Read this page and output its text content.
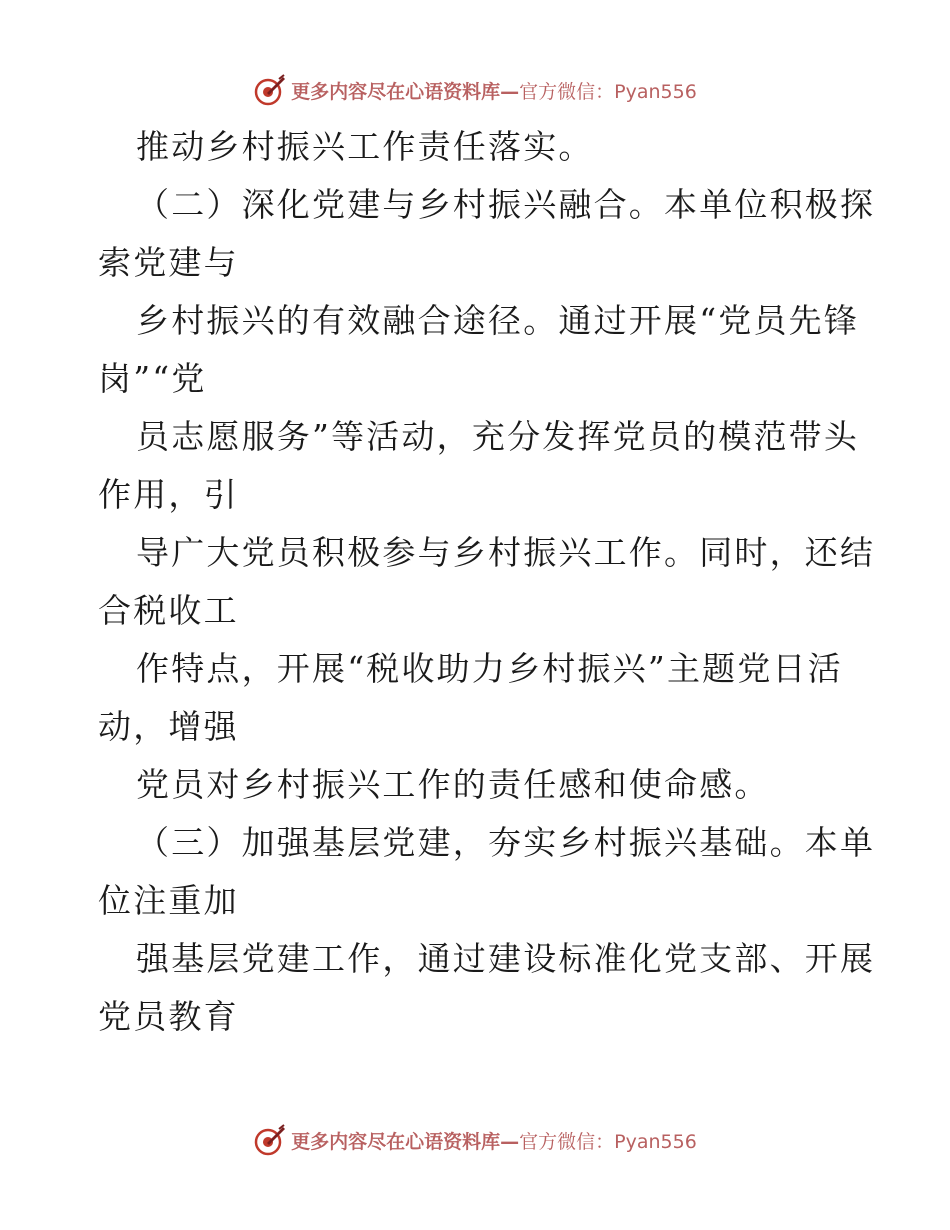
更多内容尽在心语资料库— 官方微信：Pyan556
推动乡村振兴工作责任落实。
（二）深化党建与乡村振兴融合。本单位积极探
索党建与
乡村振兴的有效融合途径。通过开展“党员先锋
岗”“党
员志愿服务”等活动，充分发挥党员的模范带头
作用，引
导广大党员积极参与乡村振兴工作。同时，还结
合税收工
作特点，开展“税收助力乡村振兴”主题党日活
动，增强
党员对乡村振兴工作的责任感和使命感。
（三）加强基层党建，夯实乡村振兴基础。本单
位注重加
强基层党建工作，通过建设标准化党支部、开展
党员教育
更多内容尽在心语资料库— 官方微信：Pyan556
